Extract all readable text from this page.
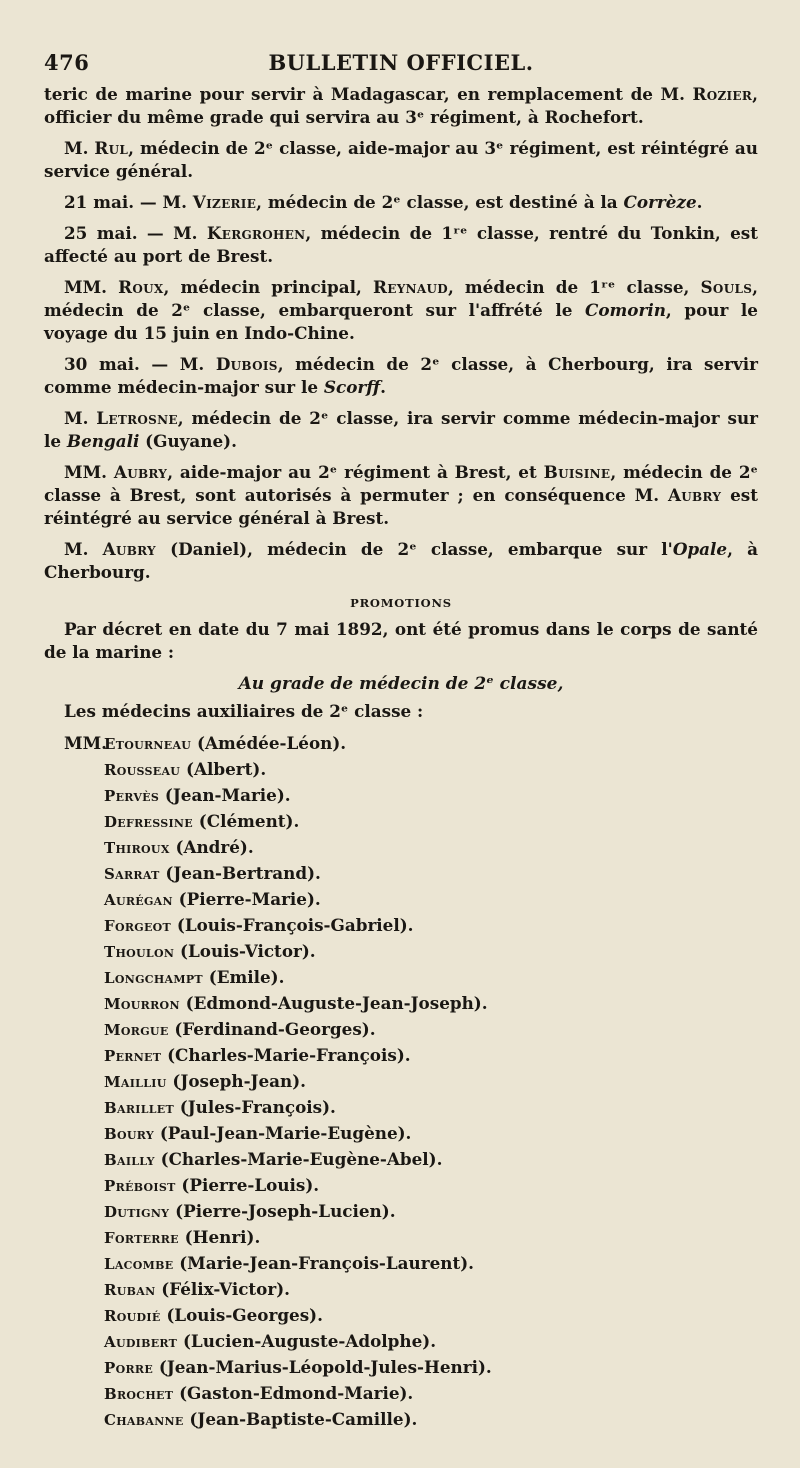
476	BULLETIN OFFICIEL.

teric de marine pour servir à Madagascar, en remplacement de M. Rozier, officier du même grade qui servira au 3ᵉ régiment, à Rochefort.

M. Rul, médecin de 2ᵉ classe, aide-major au 3ᵉ régiment, est réintégré au service général.

21 mai. — M. Vizerie, médecin de 2ᵉ classe, est destiné à la Corrèze.

25 mai. — M. Kergrohen, médecin de 1ʳᵉ classe, rentré du Tonkin, est affecté au port de Brest.

MM. Roux, médecin principal, Reynaud, médecin de 1ʳᵉ classe, Souls, médecin de 2ᵉ classe, embarqueront sur l'affrété le Comorin, pour le voyage du 15 juin en Indo-Chine.

30 mai. — M. Dubois, médecin de 2ᵉ classe, à Cherbourg, ira servir comme médecin-major sur le Scorff.

M. Letrosne, médecin de 2ᵉ classe, ira servir comme médecin-major sur le Bengali (Guyane).

MM. Aubry, aide-major au 2ᵉ régiment à Brest, et Buisine, médecin de 2ᵉ classe à Brest, sont autorisés à permuter ; en conséquence M. Aubry est réintégré au service général à Brest.

M. Aubry (Daniel), médecin de 2ᵉ classe, embarque sur l'Opale, à Cherbourg.

PROMOTIONS

Par décret en date du 7 mai 1892, ont été promus dans le corps de santé de la marine :

Au grade de médecin de 2ᵉ classe,

Les médecins auxiliaires de 2ᵉ classe :

MM.Etourneau (Amédée-Léon).
Rousseau (Albert).
Pervès (Jean-Marie).
Defressine (Clément).
Thiroux (André).
Sarrat (Jean-Bertrand).
Aurégan (Pierre-Marie).
Forgeot (Louis-François-Gabriel).
Thoulon (Louis-Victor).
Longchampt (Emile).
Mourron (Edmond-Auguste-Jean-Joseph).
Morgue (Ferdinand-Georges).
Pernet (Charles-Marie-François).
Mailliu (Joseph-Jean).
Barillet (Jules-François).
Boury (Paul-Jean-Marie-Eugène).
Bailly (Charles-Marie-Eugène-Abel).
Préboist (Pierre-Louis).
Dutigny (Pierre-Joseph-Lucien).
Forterre (Henri).
Lacombe (Marie-Jean-François-Laurent).
Ruban (Félix-Victor).
Roudié (Louis-Georges).
Audibert (Lucien-Auguste-Adolphe).
Porre (Jean-Marius-Léopold-Jules-Henri).
Brochet (Gaston-Edmond-Marie).
Chabanne (Jean-Baptiste-Camille).
